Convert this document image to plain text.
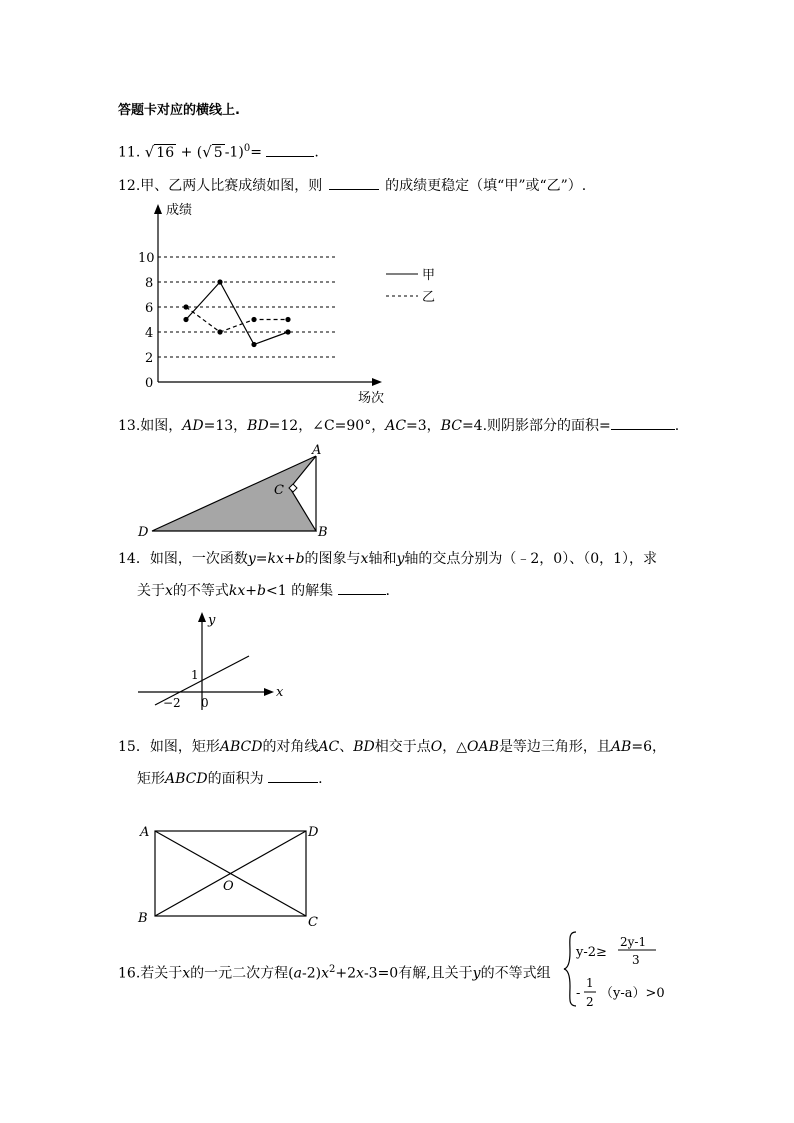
答题卡对应的横线上.
11. √ 16 + (√ 5 -1)$^0$=	.
12.甲、乙两人比赛成绩如图，则	的成绩更稳定（填“甲”或“乙”）.
成绩
场次
0
2
4
6
8
10
甲
乙
13.如图，AD=13，BD=12，∠C=90°，AC=3，BC=4.则阴影部分的面积=	.
A
B
C
D
14．如图，一次函数y=kx+b的图象与x轴和y轴的交点分别为（﹣2，0）、（0，1），求
关于x的不等式kx+b<1 的解集	.
y
x
1
−2 0
15．如图，矩形ABCD的对角线AC、BD相交于点O，△OAB是等边三角形，且AB=6，
矩形ABCD的面积为	.
A
B	C
D
O
16.若关于x的一元二次方程$(a-2)x^2+2x-3=0$有解,且关于y的不等式组
y-2≥
2y-1
3
-
1
2
（y-a）>0
